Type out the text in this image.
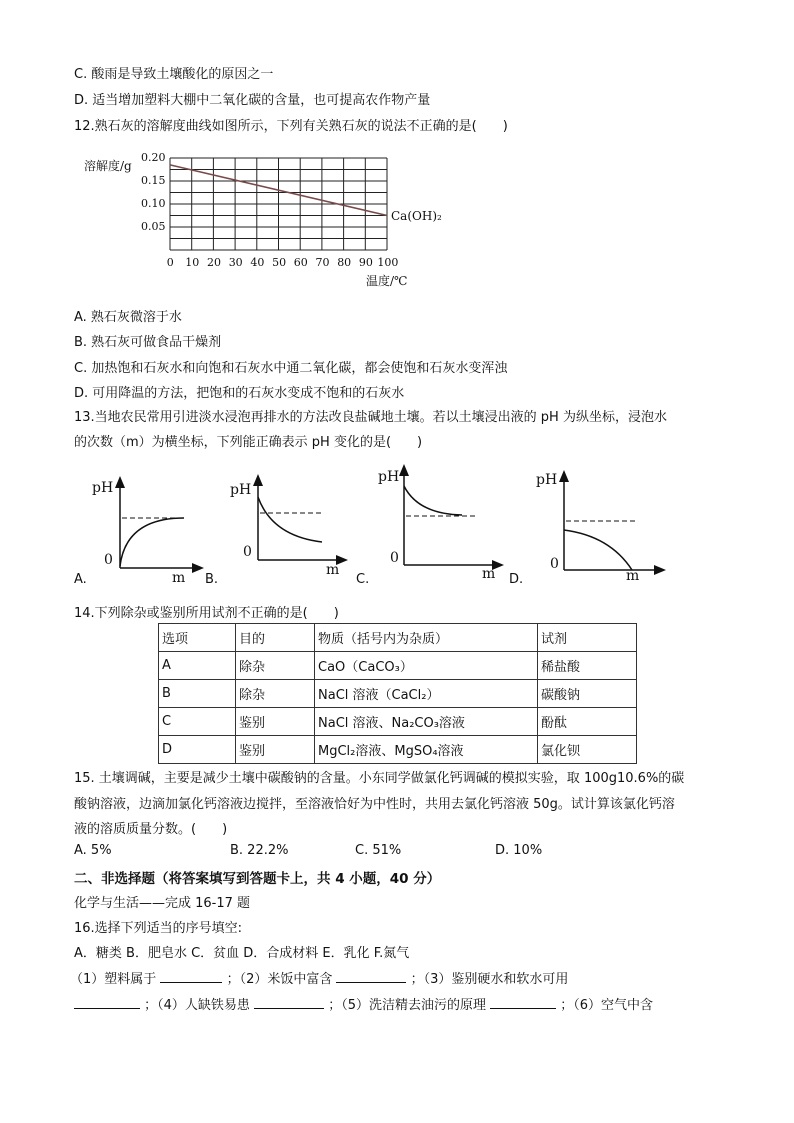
C. 酸雨是导致土壤酸化的原因之一
D. 适当增加塑料大棚中二氧化碳的含量，也可提高农作物产量
12.熟石灰的溶解度曲线如图所示，下列有关熟石灰的说法不正确的是(　　)
溶解度/g
0.05
0.10
0.15
0.20
0 10 20 30 40 50 60 70 80 90 100
温度/℃
Ca(OH)₂
A. 熟石灰微溶于水
B. 熟石灰可做食品干燥剂
C. 加热饱和石灰水和向饱和石灰水中通二氧化碳，都会使饱和石灰水变浑浊
D. 可用降温的方法，把饱和的石灰水变成不饱和的石灰水
13.当地农民常用引进淡水浸泡再排水的方法改良盐碱地土壤。若以土壤浸出液的 pH 为纵坐标，浸泡水
的次数（m）为横坐标，下列能正确表示 pH 变化的是(　　)
pH
0
m
A.
pH
0
m
B.
pH
0
m
C.
pH
0
m
D.
14.下列除杂或鉴别所用试剂不正确的是(　　)
选项	目的	物质（括号内为杂质）	试剂
A	除杂	CaO（CaCO₃）	稀盐酸
B	除杂	NaCl 溶液（CaCl₂）	碳酸钠
C	鉴别	NaCl 溶液、Na₂CO₃溶液	酚酞
D	鉴别	MgCl₂溶液、MgSO₄溶液	氯化钡
15. 土壤调碱，主要是减少土壤中碳酸钠的含量。小东同学做氯化钙调碱的模拟实验，取 100g10.6%的碳
酸钠溶液，边滴加氯化钙溶液边搅拌，至溶液恰好为中性时，共用去氯化钙溶液 50g。试计算该氯化钙溶
液的溶质质量分数。(　　)
A. 5%	B. 22.2%	C. 51%	D. 10%
二、非选择题（将答案填写到答题卡上，共 4 小题，40 分）
化学与生活——完成 16-17 题
16.选择下列适当的序号填空:
A．糖类 B．肥皂水 C．贫血 D．合成材料 E．乳化 F.氮气
（1）塑料属于	；（2）米饭中富含	；（3）鉴别硬水和软水可用
；（4）人缺铁易患	；（5）洗洁精去油污的原理	；（6）空气中含
